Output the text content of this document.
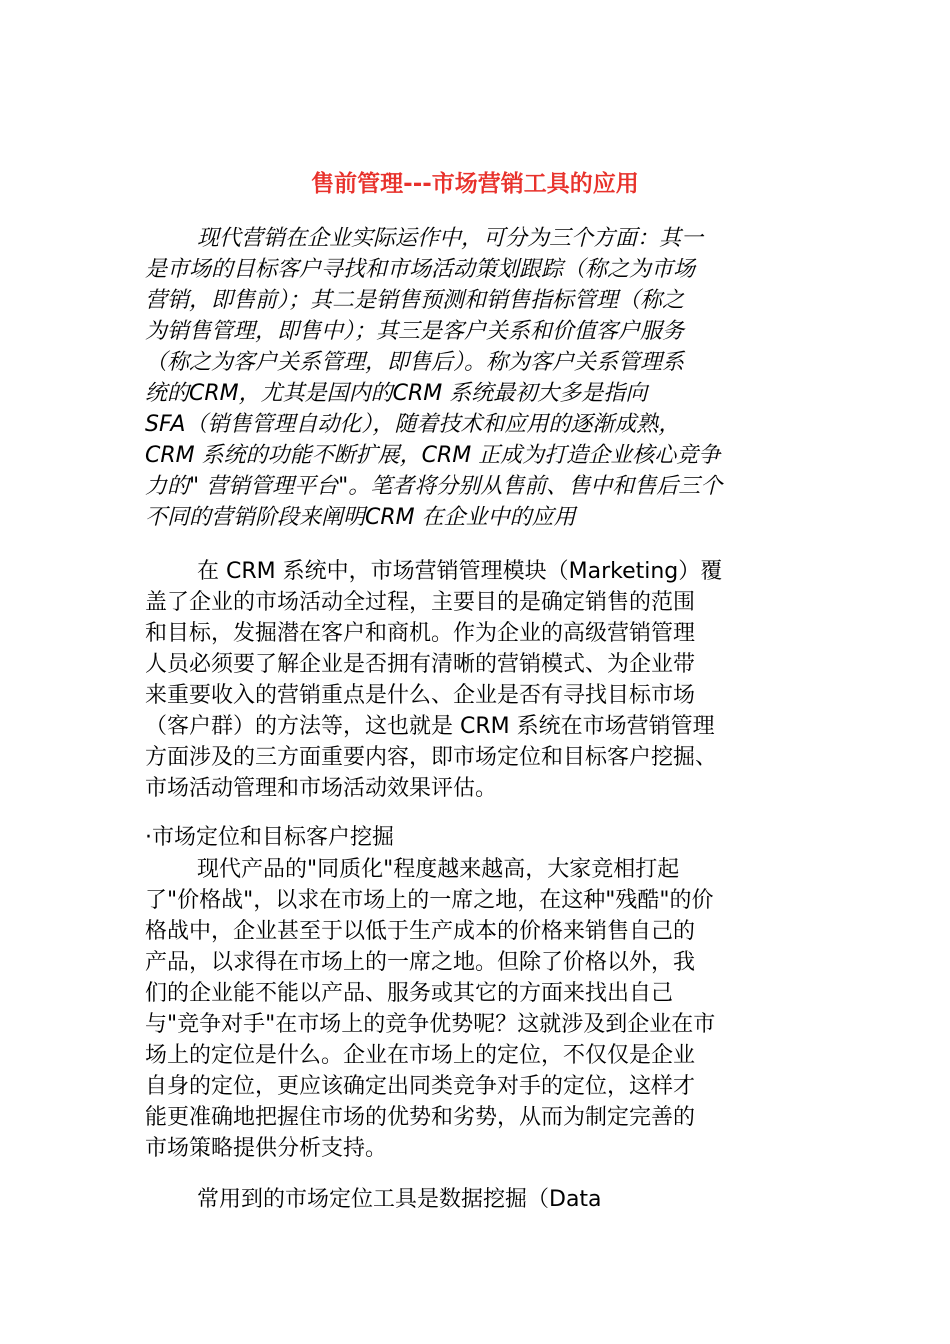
售前管理---市场营销工具的应用
现代营销在企业实际运作中，可分为三个方面：其一
是市场的目标客户寻找和市场活动策划跟踪（称之为市场
营销，即售前）；其二是销售预测和销售指标管理（称之
为销售管理，即售中）；其三是客户关系和价值客户服务
（称之为客户关系管理，即售后）。称为客户关系管理系
统的CRM，尤其是国内的CRM 系统最初大多是指向
SFA（销售管理自动化），随着技术和应用的逐渐成熟，
CRM 系统的功能不断扩展，CRM 正成为打造企业核心竞争
力的" 营销管理平台"。笔者将分别从售前、售中和售后三个
不同的营销阶段来阐明CRM 在企业中的应用
在 CRM 系统中，市场营销管理模块（Marketing）覆
盖了企业的市场活动全过程，主要目的是确定销售的范围
和目标，发掘潜在客户和商机。作为企业的高级营销管理
人员必须要了解企业是否拥有清晰的营销模式、为企业带
来重要收入的营销重点是什么、企业是否有寻找目标市场
（客户群）的方法等，这也就是 CRM 系统在市场营销管理
方面涉及的三方面重要内容，即市场定位和目标客户挖掘、
市场活动管理和市场活动效果评估。
·市场定位和目标客户挖掘
现代产品的"同质化"程度越来越高，大家竞相打起
了"价格战"，以求在市场上的一席之地，在这种"残酷"的价
格战中，企业甚至于以低于生产成本的价格来销售自己的
产品，以求得在市场上的一席之地。但除了价格以外，我
们的企业能不能以产品、服务或其它的方面来找出自己
与"竞争对手"在市场上的竞争优势呢？这就涉及到企业在市
场上的定位是什么。企业在市场上的定位，不仅仅是企业
自身的定位，更应该确定出同类竞争对手的定位，这样才
能更准确地把握住市场的优势和劣势，从而为制定完善的
市场策略提供分析支持。
常用到的市场定位工具是数据挖掘（Data
